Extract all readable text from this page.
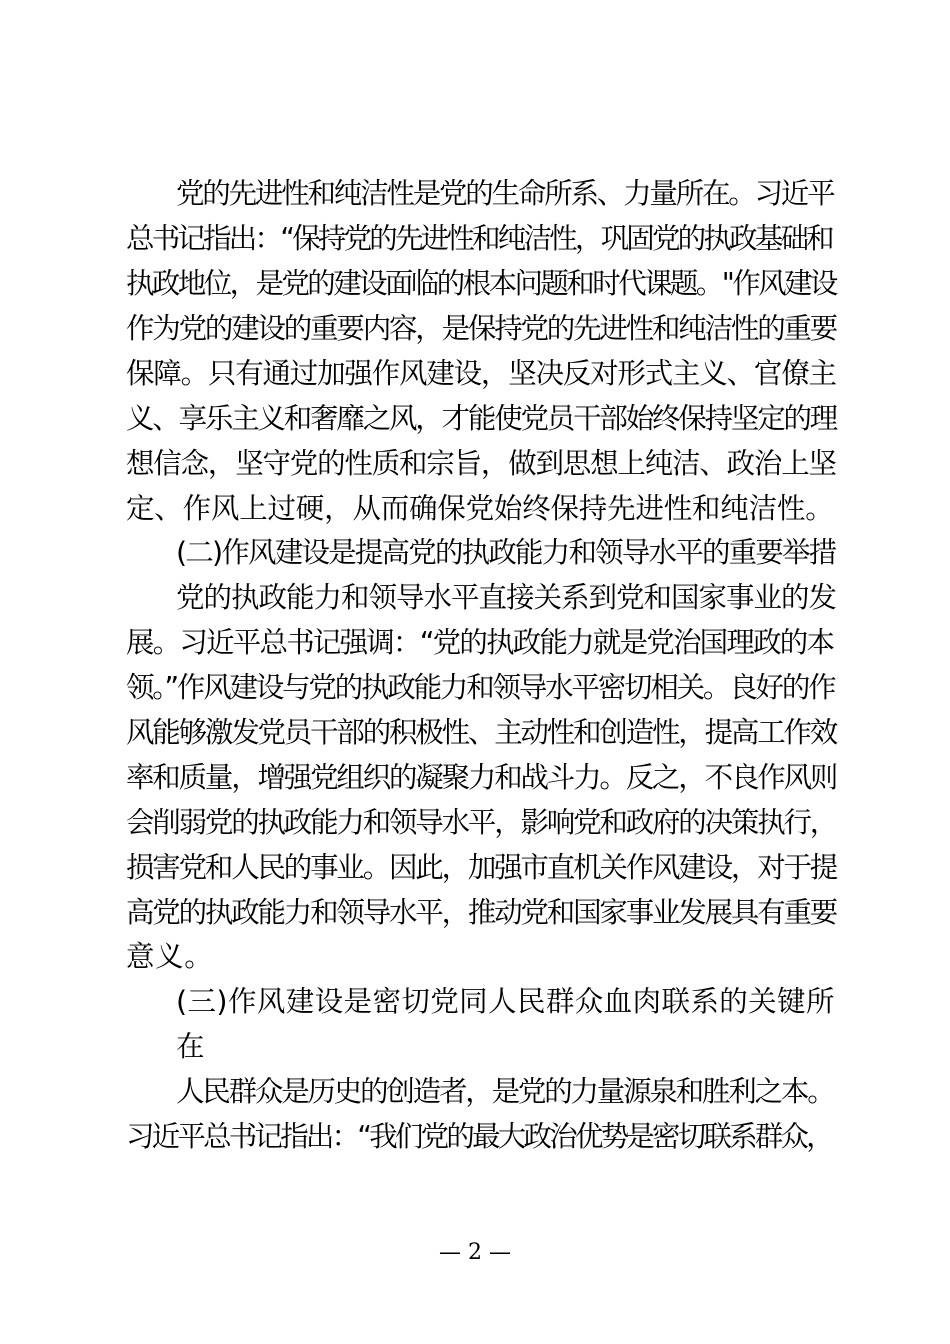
党的先进性和纯洁性是党的生命所系、力量所在。习近平
总书记指出：“保持党的先进性和纯洁性，巩固党的执政基础和
执政地位，是党的建设面临的根本问题和时代课题。"作风建设
作为党的建设的重要内容，是保持党的先进性和纯洁性的重要
保障。只有通过加强作风建设，坚决反对形式主义、官僚主
义、享乐主义和奢靡之风，才能使党员干部始终保持坚定的理
想信念，坚守党的性质和宗旨，做到思想上纯洁、政治上坚
定、作风上过硬，从而确保党始终保持先进性和纯洁性。
(二)作风建设是提高党的执政能力和领导水平的重要举措
党的执政能力和领导水平直接关系到党和国家事业的发
展。习近平总书记强调：“党的执政能力就是党治国理政的本
领。”作风建设与党的执政能力和领导水平密切相关。良好的作
风能够激发党员干部的积极性、主动性和创造性，提高工作效
率和质量，增强党组织的凝聚力和战斗力。反之，不良作风则
会削弱党的执政能力和领导水平，影响党和政府的决策执行，
损害党和人民的事业。因此，加强市直机关作风建设，对于提
高党的执政能力和领导水平，推动党和国家事业发展具有重要
意义。
(三)作风建设是密切党同人民群众血肉联系的关键所
在
人民群众是历史的创造者，是党的力量源泉和胜利之本。
习近平总书记指出：“我们党的最大政治优势是密切联系群众，
— 2 —
